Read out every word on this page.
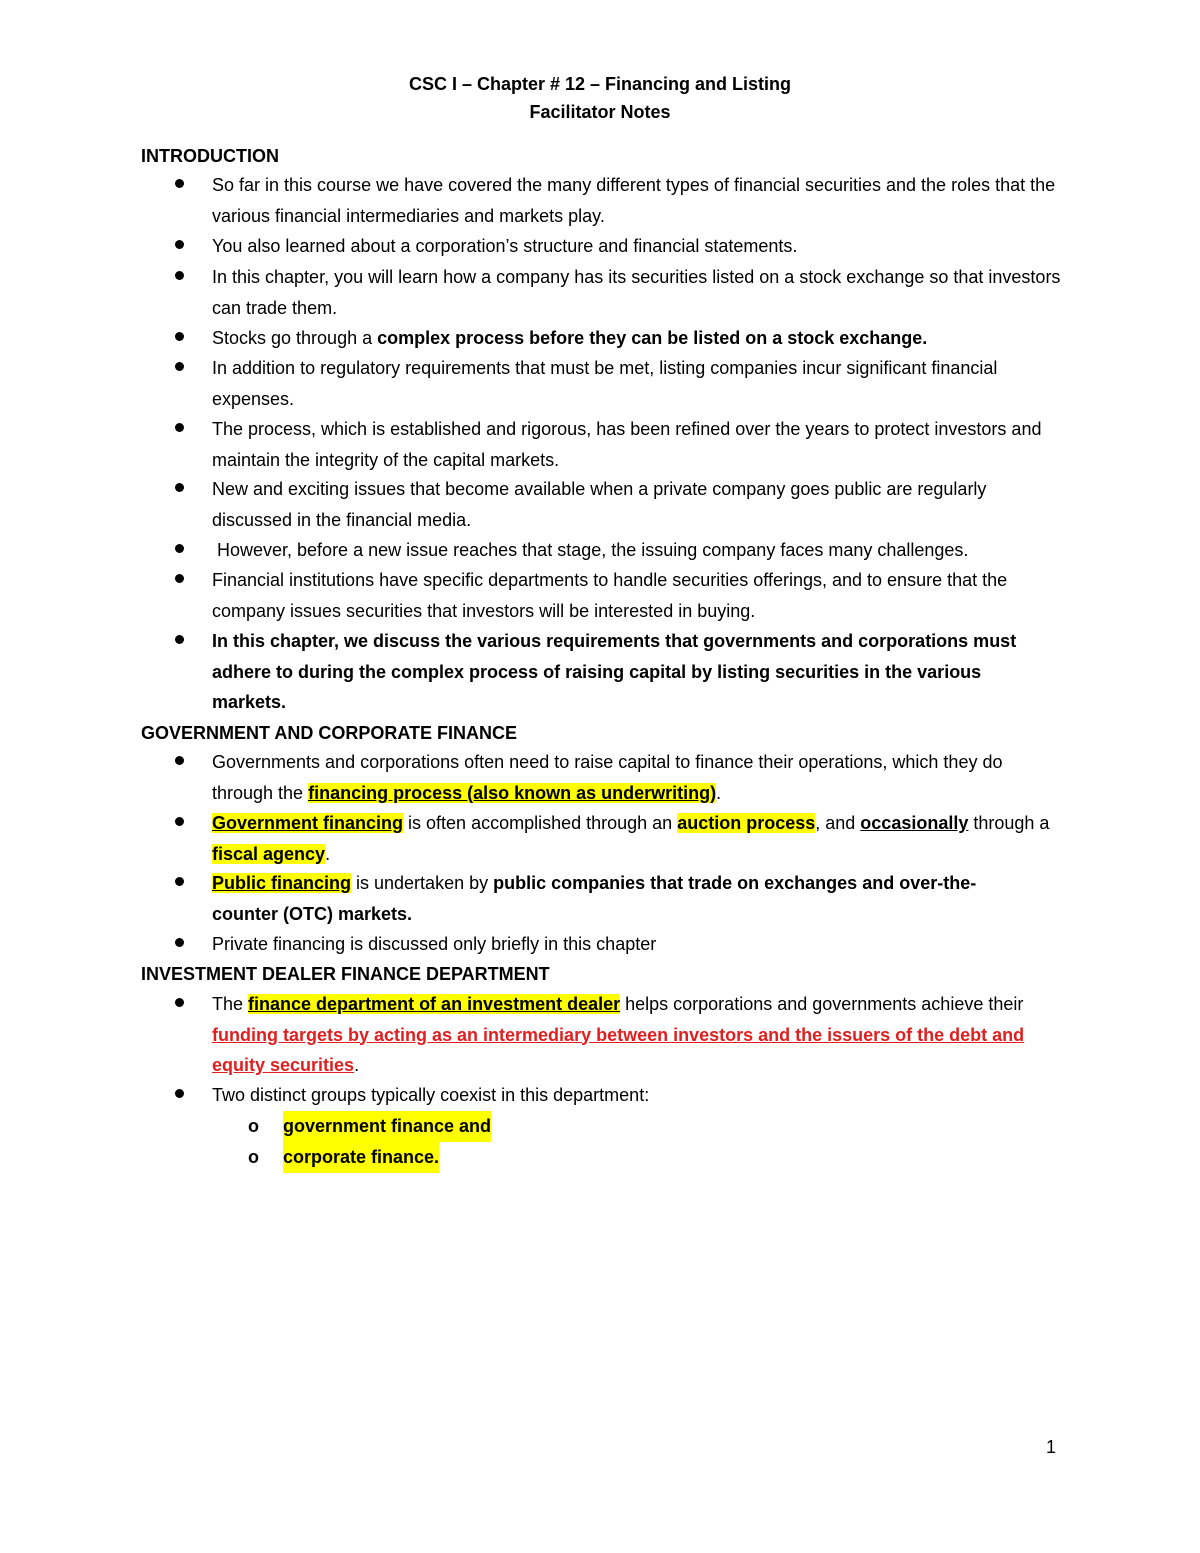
CSC I – Chapter # 12 – Financing and Listing
Facilitator Notes
INTRODUCTION
So far in this course we have covered the many different types of financial securities and the roles that the various financial intermediaries and markets play.
You also learned about a corporation’s structure and financial statements.
In this chapter, you will learn how a company has its securities listed on a stock exchange so that investors can trade them.
Stocks go through a complex process before they can be listed on a stock exchange.
In addition to regulatory requirements that must be met, listing companies incur significant financial expenses.
The process, which is established and rigorous, has been refined over the years to protect investors and maintain the integrity of the capital markets.
New and exciting issues that become available when a private company goes public are regularly discussed in the financial media.
However, before a new issue reaches that stage, the issuing company faces many challenges.
Financial institutions have specific departments to handle securities offerings, and to ensure that the company issues securities that investors will be interested in buying.
In this chapter, we discuss the various requirements that governments and corporations must adhere to during the complex process of raising capital by listing securities in the various markets.
GOVERNMENT AND CORPORATE FINANCE
Governments and corporations often need to raise capital to finance their operations, which they do through the financing process (also known as underwriting).
Government financing is often accomplished through an auction process, and occasionally through a fiscal agency.
Public financing is undertaken by public companies that trade on exchanges and over-the-counter (OTC) markets.
Private financing is discussed only briefly in this chapter
INVESTMENT DEALER FINANCE DEPARTMENT
The finance department of an investment dealer helps corporations and governments achieve their funding targets by acting as an intermediary between investors and the issuers of the debt and equity securities.
Two distinct groups typically coexist in this department:
o government finance and
o corporate finance.
1
